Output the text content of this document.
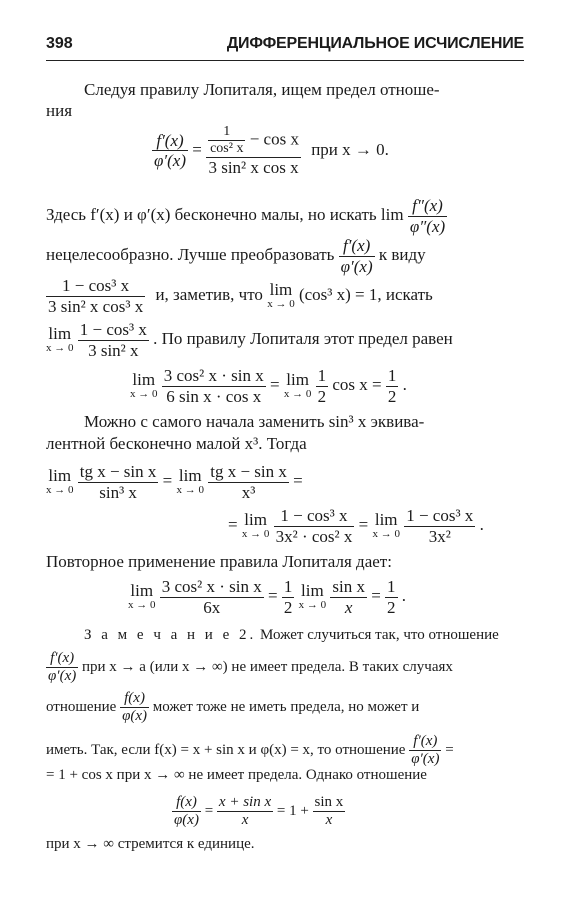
398	ДИФФЕРЕНЦИАЛЬНОЕ ИСЧИСЛЕНИЕ
Следуя правилу Лопиталя, ищем предел отноше-
ния
$\frac{f'(x)}{\varphi'(x)} = \frac{\frac{1}{\text{cos² x}} - \cos x}{\text{3 sin² x cos x}}$ при x → 0.
Здесь f′(x) и φ′(x) бесконечно малы, но искать $\lim \frac{f''(x)}{\varphi''(x)}$
нецелесообразно. Лучше преобразовать $\frac{f'(x)}{\varphi'(x)}$ к виду
$\frac{\text{1 − cos³ x}}{\text{3 sin² x cos³ x}} и$, заметив, что lim
x → 0
(cos³ x) = 1, искать
lim
x → 0
$\frac{\text{1 − cos³ x}}{\text{3 sin² x}}$ . По правилу Лопиталя этот предел равен
lim
x → 0
$\frac{\text{3 cos² x · sin x}}{\text{6 sin x · cos x}} = \lim$
x → 0
$\frac{1}{2}$ $\cos x = \frac{1}{2}$ .
Можно с самого начала заменить sin³ x эквива-
лентной бесконечно малой x³. Тогда
lim
x → 0
$\frac{\text{tg x − sin x}}{\text{sin³ x}} = \lim$
x → 0
$\frac{\text{tg x − sin x}}{\text{x³}}$ =
= lim
x → 0
$\frac{\text{1 − cos³ x}}{\text{3x² · cos² x}} = \lim$
x → 0
$\frac{\text{1 − cos³ x}}{\text{3x²}}$ .
Повторное применение правила Лопиталя дает:
lim
x → 0
$\frac{\text{3 cos² x · sin x}}{6x} = \frac{1}{2}$ lim
x → 0
$\frac{\text{sin x}}{x} = \frac{1}{2}$ .
З а м е ч а н и е 2. Может случиться так, что отношение
$\frac{f'(x)}{\varphi'(x)}$ при x → a (или x → ∞) не имеет предела. В таких случаях
отношение $\frac{f(x)}{\varphi(x)}$ может тоже не иметь предела, но может и
иметь. Так, если f(x) = x + sin x и φ(x) = x, то отношение $\frac{f'(x)}{\varphi'(x)}$ =
= 1 + cos x при x → ∞ не имеет предела. Однако отношение
$\frac{f(x)}{\varphi(x)} = \frac{\text{x + sin x}}{x} = 1 + \frac{\text{sin x}}{x}$
при x → ∞ стремится к единице.
